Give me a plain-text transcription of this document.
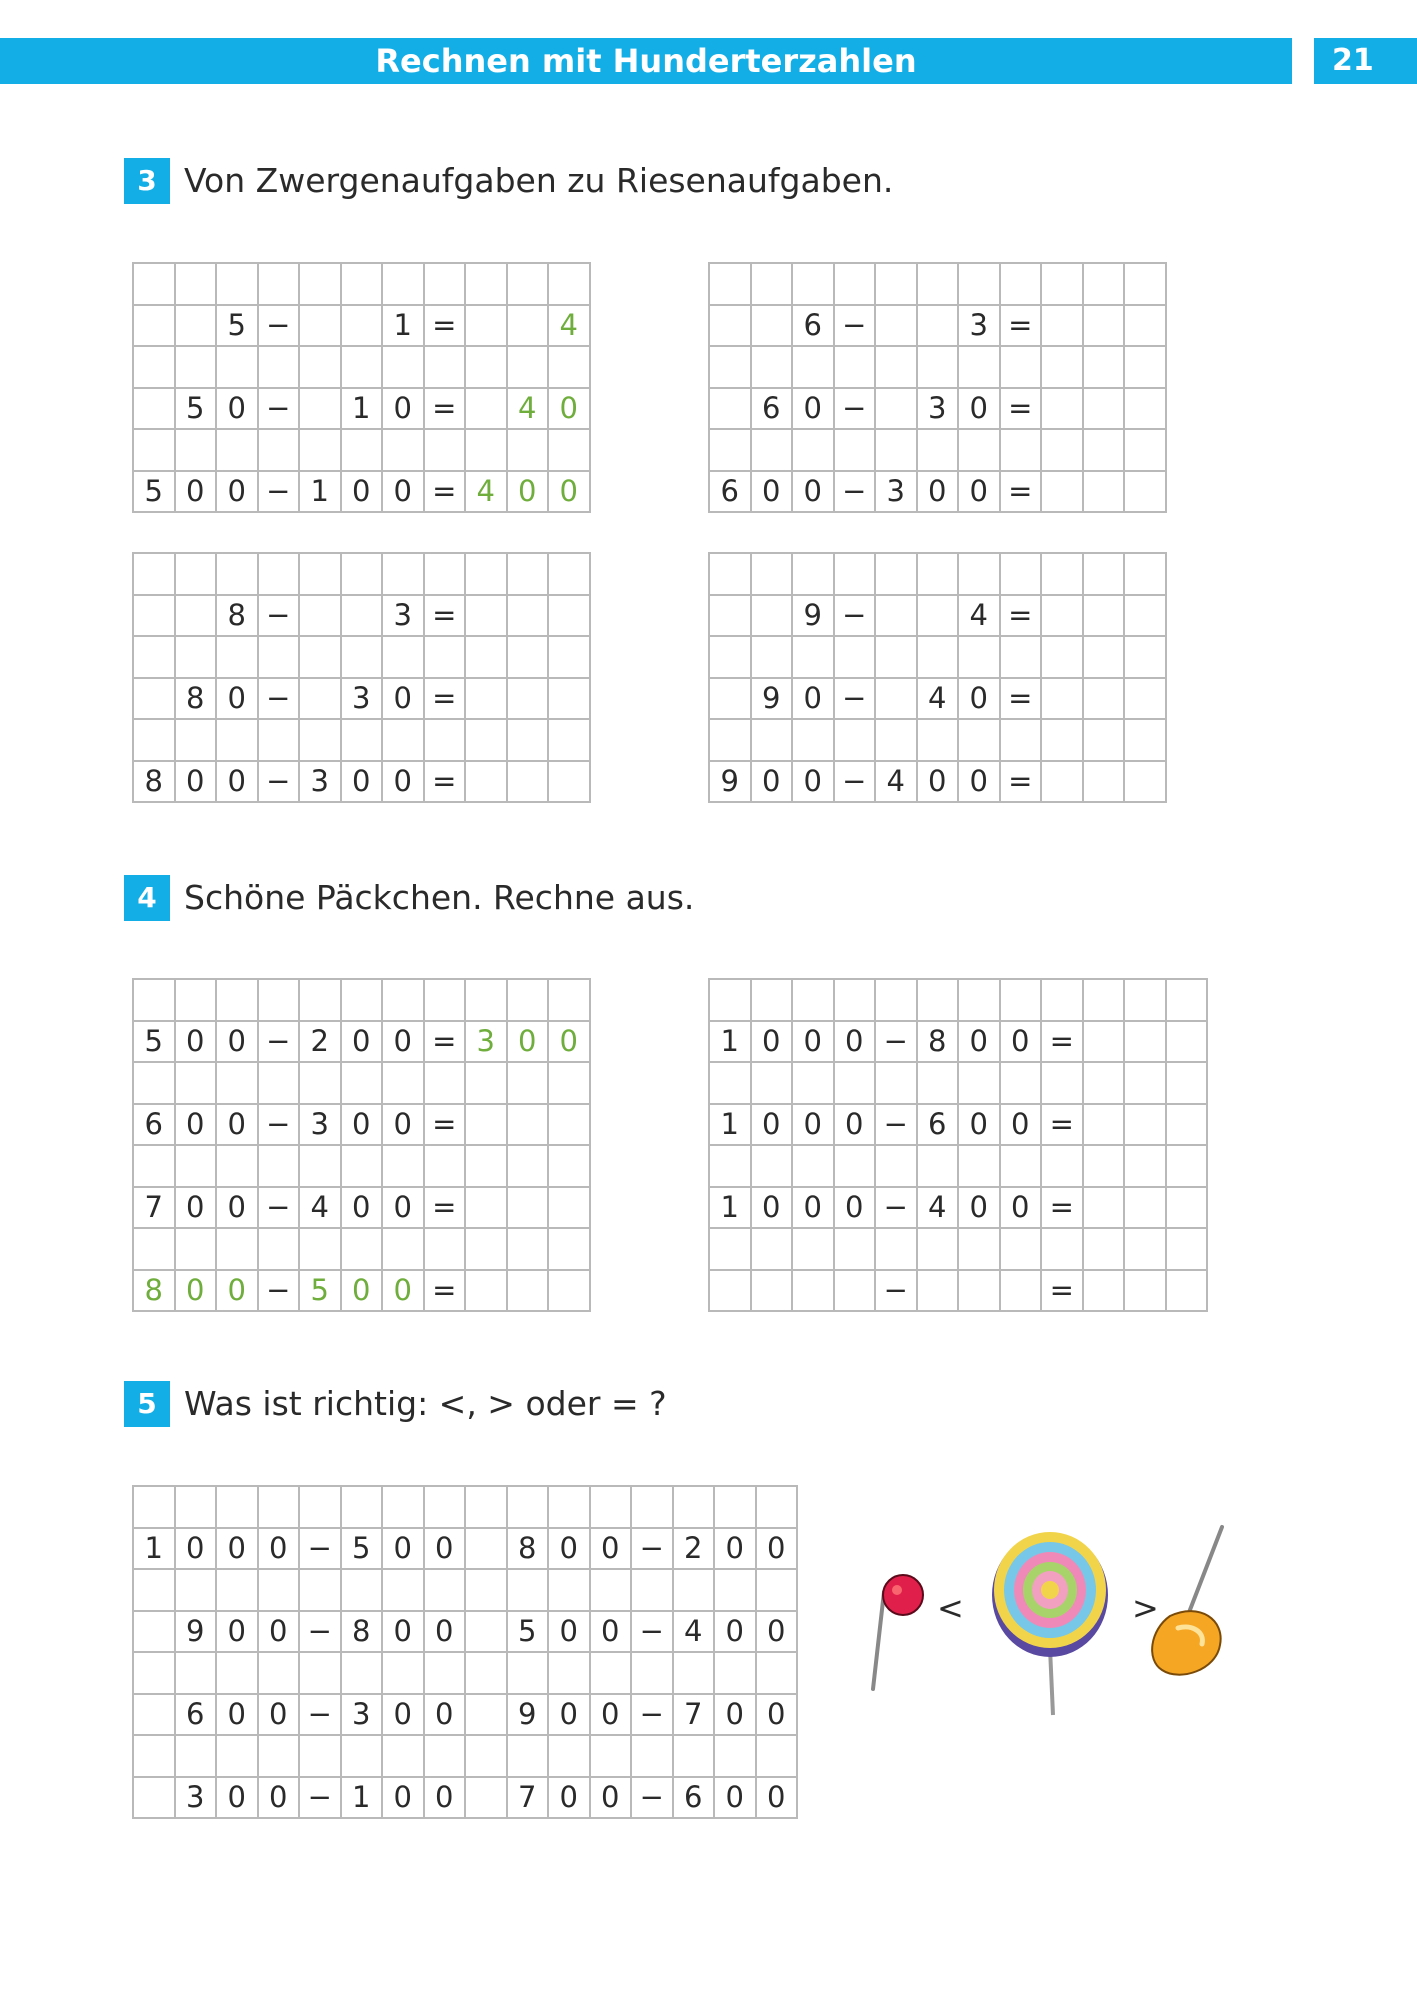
Rechnen mit Hunderterzahlen	21
3 Von Zwergenaufgaben zu Riesenaufgaben.
4 Schöne Päckchen. Rechne aus.
5 Was ist richtig: <, > oder = ?
5 −	1 =	4
5 0 −	1 0 =	4 0
5 0 0 − 1 0 0 = 4 0 0
6 −	3 =
6 0 −	3 0 =
6 0 0 − 3 0 0 =
8 −	3 =
8 0 −	3 0 =
8 0 0 − 3 0 0 =
9 −	4 =
9 0 −	4 0 =
9 0 0 − 4 0 0 =
5 0 0 − 2 0 0 = 3 0 0
6 0 0 − 3 0 0 =
7 0 0 − 4 0 0 =
8 0 0 − 5 0 0 =
1 0 0 0 − 8 0 0 =
1 0 0 0 − 6 0 0 =
1 0 0 0 − 4 0 0 =
−	=
1 0 0 0 − 5 0 0	8 0 0 − 2 0 0
9 0 0 − 8 0 0	5 0 0 − 4 0 0
6 0 0 − 3 0 0	9 0 0 − 7 0 0
3 0 0 − 1 0 0	7 0 0 − 6 0 0
<	>
